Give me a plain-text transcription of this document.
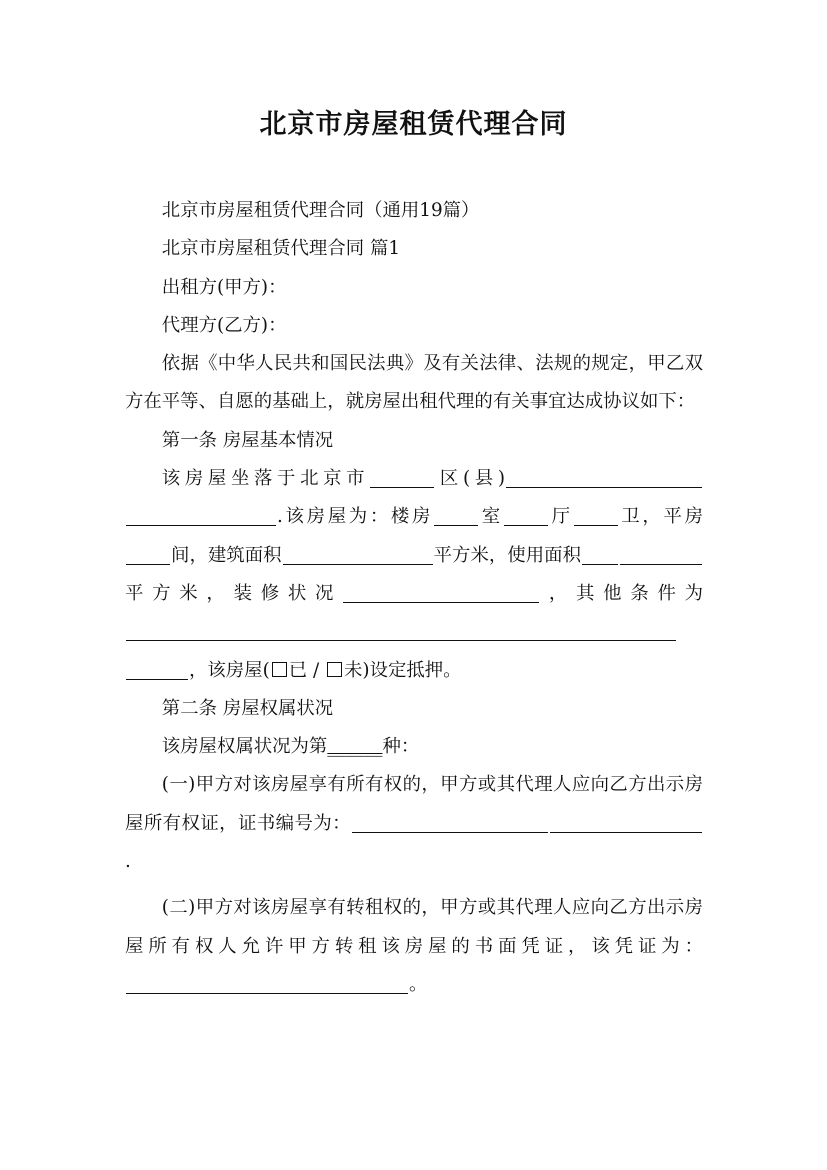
北京市房屋租赁代理合同

北京市房屋租赁代理合同（通用19篇）

北京市房屋租赁代理合同 篇1

出租方(甲方)：

代理方(乙方)：

依据《中华人民共和国民法典》及有关法律、法规的规定，甲乙双方在平等、自愿的基础上，就房屋出租代理的有关事宜达成协议如下：

第一条 房屋基本情况

该房屋坐落于北京市	区(县).该房屋为：楼房	室	厅	卫，平房间，建筑面积	平方米，使用面积平方米，装修状况	，其他条件为，该房屋( 已 / 未)设定抵押。

第二条 房屋权属状况

该房屋权属状况为第______种：

(一)甲方对该房屋享有所有权的，甲方或其代理人应向乙方出示房屋所有权证，证书编号为：.

(二)甲方对该房屋享有转租权的，甲方或其代理人应向乙方出示房屋所有权人允许甲方转租该房屋的书面凭证，该凭证为：。
